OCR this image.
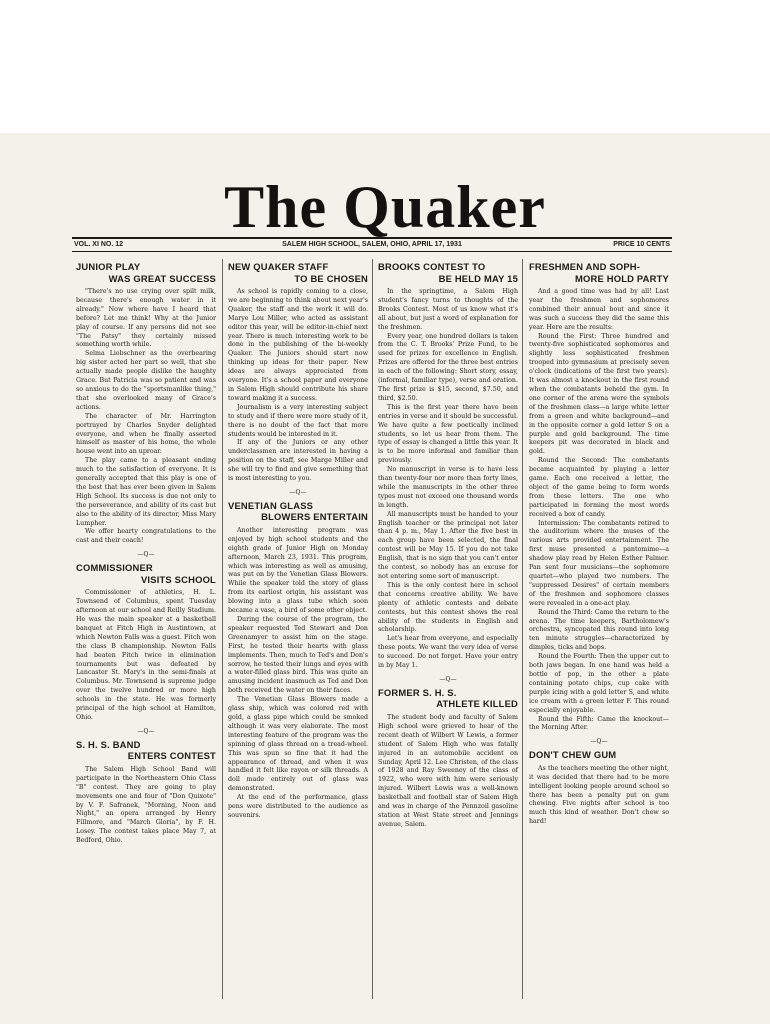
The Quaker
VOL. XI NO. 12	SALEM HIGH SCHOOL, SALEM, OHIO, APRIL 17, 1931	PRICE 10 CENTS
JUNIOR PLAY
WAS GREAT SUCCESS

"There's no use crying over spilt milk, because there's enough water in it already." Now where have I heard that before? Let me think! Why at the Junior play of course. If any persons did not see "The Patsy" they certainly missed something worth while.

Selma Liebschner as the overbearing big sister acted her part so well, that she actually made people dislike the haughty Grace. But Patricia was so patient and was so anxious to do the "sportsmanlike thing," that she overlooked many of Grace's actions.

The character of Mr. Harrington portrayed by Charles Snyder delighted everyone, and when he finally asserted himself as master of his home, the whole house went into an uproar.

The play came to a pleasant ending much to the satisfaction of everyone. It is generally accepted that this play is one of the best that has ever been given in Salem High School. Its success is due not only to the perseverance, and ability of its cast but also to the ability of its director, Miss Mary Lumpher.

We offer hearty congratulations to the cast and their coach!

—Q—
COMMISSIONER
VISITS SCHOOL

Commissioner of athletics, H. L. Townsend of Columbus, spent Tuesday afternoon at our school and Reilly Stadium. He was the main speaker at a basketball banquet at Fitch High in Austintown, at which Newton Falls was a guest. Fitch won the class B championship. Newton Falls had beaten Fitch twice in elimination tournaments but was defeated by Lancaster St. Mary's in the semi-finals at Columbus. Mr. Townsend is supreme judge over the twelve hundred or more high schools in the state. He was formerly principal of the high school at Hamilton, Ohio.

—Q—
S. H. S. BAND
ENTERS CONTEST

The Salem High School Band will participate in the Northeastern Ohio Class "B" contest. They are going to play movements one and four of "Don Quixote" by V. F. Safranek, "Morning, Noon and Night," an opera arranged by Henry Fillmore, and "March Gloria", by F. H. Losey. The contest takes place May 7, at Bedford, Ohio.

NEW QUAKER STAFF
TO BE CHOSEN

As school is rapidly coming to a close, we are beginning to think about next year's Quaker, the staff and the work it will do. Marye Lou Miller, who acted as assistant editor this year, will be editor-in-chief next year. There is much interesting work to be done in the publishing of the bi-weekly Quaker. The Juniors should start now thinking up ideas for their paper. New ideas are always appreciated from everyone. It's a school paper and everyone in Salem High should contribute his share toward making it a success.

Journalism is a very interesting subject to study and if there were more study of it, there is no doubt of the fact that more students would be interested in it.

If any of the Juniors or any other underclassmen are interested in having a position on the staff, see Marge Miller and she will try to find and give something that is most interesting to you.

—Q—
VENETIAN GLASS
BLOWERS ENTERTAIN

Another interesting program was enjoyed by high school students and the eighth grade of Junior High on Monday afternoon, March 23, 1931. This program, which was interesting as well as amusing, was put on by the Venetian Glass Blowers. While the speaker told the story of glass from its earliest origin, his assistant was blowing into a glass tube which soon became a vase, a bird of some other object.

During the course of the program, the speaker requested Ted Stewart and Don Greenamyer to assist him on the stage. First, he tested their hearts with glass implements. Then, much to Ted's and Don's sorrow, he tested their lungs and eyes with a water-filled glass bird. This was quite an amusing incident inasmuch as Ted and Don both received the water on their faces.

The Venetian Glass Blowers made a glass ship, which was colored red with gold, a glass pipe which could be smoked although it was very elaborate. The most interesting feature of the program was the spinning of glass thread on a tread-wheel. This was spun so fine that it had the appearance of thread, and when it was handled it felt like rayon or silk threads. A doll made entirely out of glass was demonstrated.

At the end of the performance, glass pens were distributed to the audience as souvenirs.

BROOKS CONTEST TO
BE HELD MAY 15

In the springtime, a Salem High student's fancy turns to thoughts of the Brooks Contest. Most of us know what it's all about, but just a word of explanation for the freshmen.

Every year, one hundred dollars is taken from the C. T. Brooks' Prize Fund, to be used for prizes for excellence in English. Prizes are offered for the three best entries in each of the following: Short story, essay, (informal, familiar type), verse and oration. The first prize is $15, second, $7.50, and third, $2.50.

This is the first year there have been entries in verse and it should be successful. We have quite a few poetically inclined students, so let us hear from them. The type of essay is changed a little this year. It is to be more informal and familiar than previously.

No manuscript in verse is to have less than twenty-four nor more than forty lines, while the manuscripts in the other three types must not exceed one thousand words in length.

All manuscripts must be handed to your English teacher or the principal not later than 4 p. m., May 1. After the five best in each group have been selected, the final contest will be May 15. If you do not take English, that is no sign that you can't enter the contest, so nobody has an excuse for not entering some sort of manuscript.

This is the only contest here in school that concerns creative ability. We have plenty of athletic contests and debate contests, but this contest shows the real ability of the students in English and scholarship.

Let's hear from everyone, and especially these poets. We want the very idea of verse to succeed. Do not forget. Have your entry in by May 1.

—Q—
FORMER S. H. S.
ATHLETE KILLED

The student body and faculty of Salem High school were grieved to hear of the recent death of Wilbert W Lewis, a former student of Salem High who was fatally injured in an automobile accident on Sunday, April 12. Lee Christen, of the class of 1928 and Ray Sweeney of the class of 1922, who were with him were seriously injured. Wilbert Lewis was a well-known basketball and football star of Salem High and was in charge of the Pennzoil gasoline station at West State street and Jennings avenue, Salem.

FRESHMEN AND SOPH-
MORE HOLD PARTY

And a good time was had by all! Last year the freshmen and sophomores combined their annual bout and since it was such a success they did the same this year. Here are the results:

Round the First: Three hundred and twenty-five sophisticated sophomores and slightly less sophisticated freshmen trooped into gymnasium at precisely seven o'clock (indications of the first two years). It was almost a knockout in the first round when the combatants beheld the gym. In one corner of the arena were the symbols of the freshmen class—a large white letter from a green and white background—and in the opposite corner a gold letter S on a purple and gold background. The time keepers pit was decorated in black and gold.

Round the Second: The combatants became acquainted by playing a letter game. Each one received a letter, the object of the game being to form words from these letters. The one who participated in forming the most words received a box of candy.

Intermission: The combatants retired to the auditorium where the muses of the various arts provided entertainment. The first muse presented a pantomime—a shadow play read by Helen Esther Palmer. Pan sent four musicians—the sophomore quartet—who played two numbers. The "suppressed Desires" of certain members of the freshmen and sophomore classes were revealed in a one-act play.

Round the Third: Came the return to the arena. The time keepers, Bartholomew's orchestra, syncopated this round into long ten minute struggles—characterized by dimples, ticks and bops.

Round the Fourth: Then the upper cut to both jaws began. In one hand was held a bottle of pop, in the other a plate containing potato chips, cup cake with purple icing with a gold letter S, and white ice cream with a green letter F. This round especially enjoyable.

Round the Fifth: Came the knockout—the Morning After.

—Q—
DON'T CHEW GUM

As the teachers meeting the other night, it was decided that there had to be more intelligent looking people around school so there has been a penalty put on gum chewing. Five nights after school is too much this kind of weather. Don't chew so hard!
